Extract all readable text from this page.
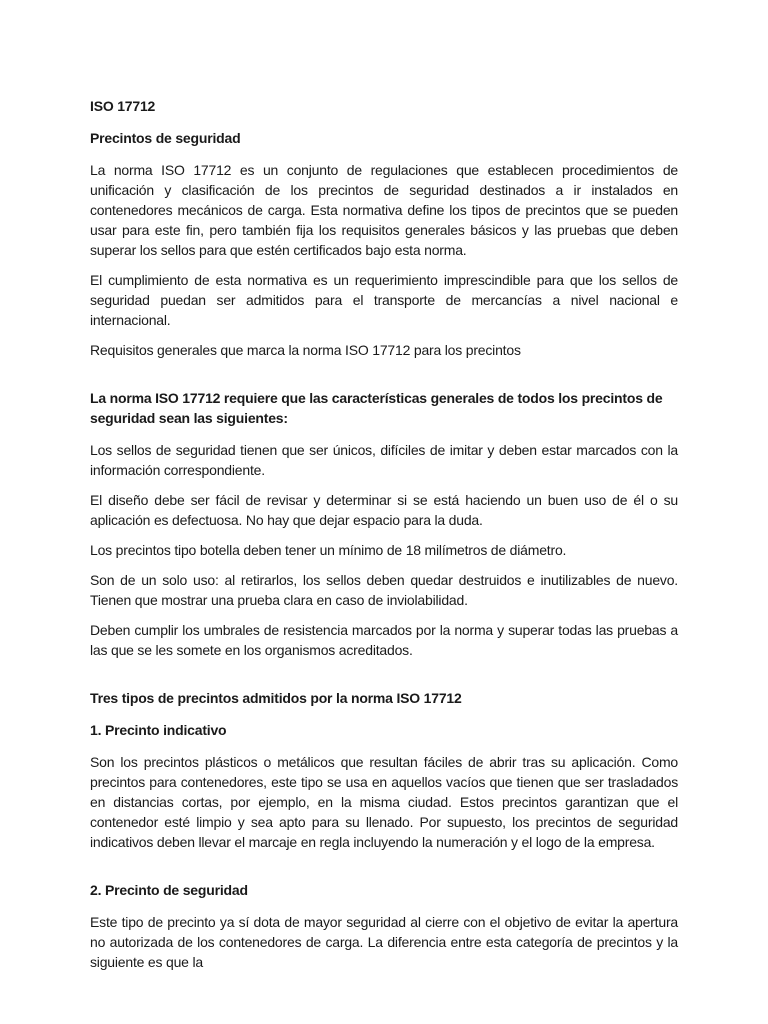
ISO 17712
Precintos de seguridad

La norma ISO 17712 es un conjunto de regulaciones que establecen procedimientos de unificación y clasificación de los precintos de seguridad destinados a ir instalados en contenedores mecánicos de carga. Esta normativa define los tipos de precintos que se pueden usar para este fin, pero también fija los requisitos generales básicos y las pruebas que deben superar los sellos para que estén certificados bajo esta norma.

El cumplimiento de esta normativa es un requerimiento imprescindible para que los sellos de seguridad puedan ser admitidos para el transporte de mercancías a nivel nacional e internacional.

Requisitos generales que marca la norma ISO 17712 para los precintos

La norma ISO 17712 requiere que las características generales de todos los precintos de seguridad sean las siguientes:

Los sellos de seguridad tienen que ser únicos, difíciles de imitar y deben estar marcados con la información correspondiente.

El diseño debe ser fácil de revisar y determinar si se está haciendo un buen uso de él o su aplicación es defectuosa. No hay que dejar espacio para la duda.

Los precintos tipo botella deben tener un mínimo de 18 milímetros de diámetro.

Son de un solo uso: al retirarlos, los sellos deben quedar destruidos e inutilizables de nuevo. Tienen que mostrar una prueba clara en caso de inviolabilidad.

Deben cumplir los umbrales de resistencia marcados por la norma y superar todas las pruebas a las que se les somete en los organismos acreditados.

Tres tipos de precintos admitidos por la norma ISO 17712
1. Precinto indicativo

Son los precintos plásticos o metálicos que resultan fáciles de abrir tras su aplicación. Como precintos para contenedores, este tipo se usa en aquellos vacíos que tienen que ser trasladados en distancias cortas, por ejemplo, en la misma ciudad. Estos precintos garantizan que el contenedor esté limpio y sea apto para su llenado. Por supuesto, los precintos de seguridad indicativos deben llevar el marcaje en regla incluyendo la numeración y el logo de la empresa.

2. Precinto de seguridad

Este tipo de precinto ya sí dota de mayor seguridad al cierre con el objetivo de evitar la apertura no autorizada de los contenedores de carga. La diferencia entre esta categoría de precintos y la siguiente es que la
